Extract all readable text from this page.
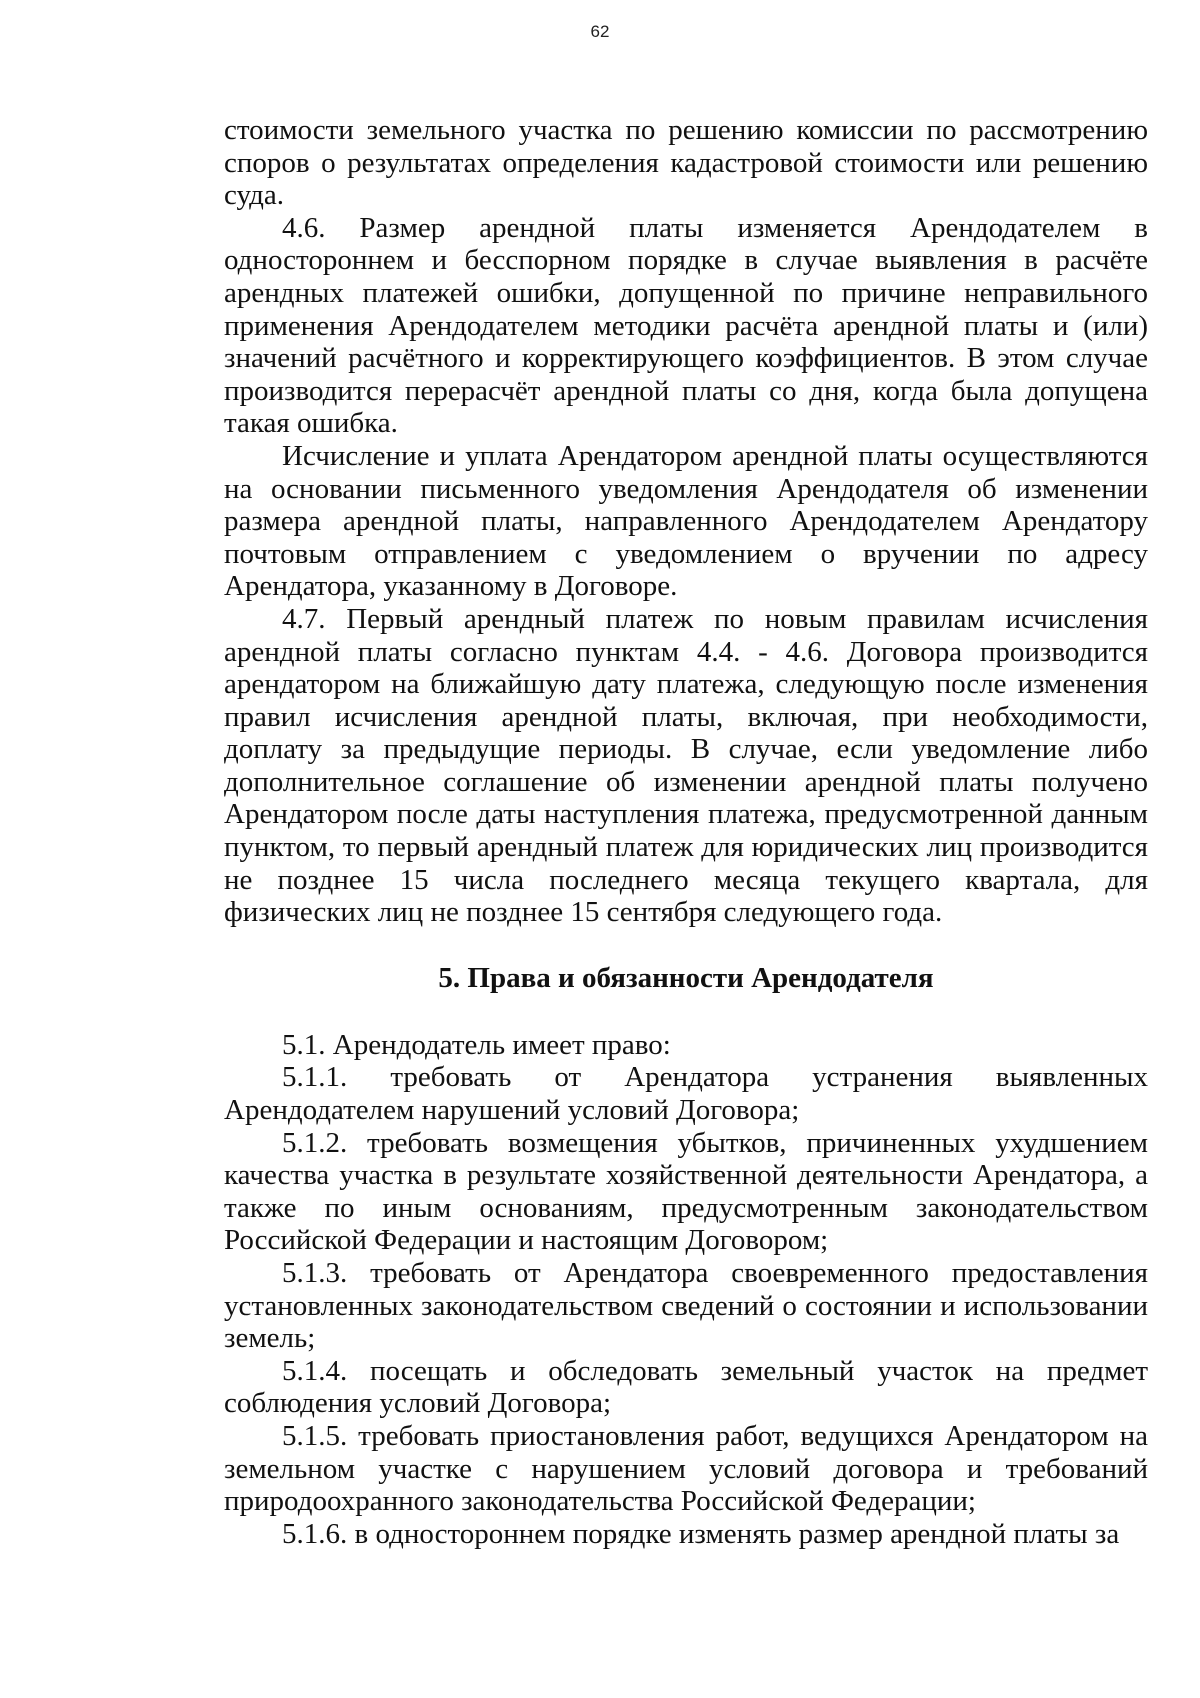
62

стоимости земельного участка по решению комиссии по рассмотрению споров о результатах определения кадастровой стоимости или решению суда.

4.6. Размер арендной платы изменяется Арендодателем в одностороннем и бесспорном порядке в случае выявления в расчёте арендных платежей ошибки, допущенной по причине неправильного применения Арендодателем методики расчёта арендной платы и (или) значений расчётного и корректирующего коэффициентов. В этом случае производится перерасчёт арендной платы со дня, когда была допущена такая ошибка.

Исчисление и уплата Арендатором арендной платы осуществляются на основании письменного уведомления Арендодателя об изменении размера арендной платы, направленного Арендодателем Арендатору почтовым отправлением с уведомлением о вручении по адресу Арендатора, указанному в Договоре.

4.7. Первый арендный платеж по новым правилам исчисления арендной платы согласно пунктам 4.4. - 4.6. Договора производится арендатором на ближайшую дату платежа, следующую после изменения правил исчисления арендной платы, включая, при необходимости, доплату за предыдущие периоды. В случае, если уведомление либо дополнительное соглашение об изменении арендной платы получено Арендатором после даты наступления платежа, предусмотренной данным пунктом, то первый арендный платеж для юридических лиц производится не позднее 15 числа последнего месяца текущего квартала, для физических лиц не позднее 15 сентября следующего года.

5. Права и обязанности Арендодателя

5.1. Арендодатель имеет право:

5.1.1. требовать от Арендатора устранения выявленных Арендодателем нарушений условий Договора;

5.1.2. требовать возмещения убытков, причиненных ухудшением качества участка в результате хозяйственной деятельности Арендатора, а также по иным основаниям, предусмотренным законодательством Российской Федерации и настоящим Договором;

5.1.3. требовать от Арендатора своевременного предоставления установленных законодательством сведений о состоянии и использовании земель;

5.1.4. посещать и обследовать земельный участок на предмет соблюдения условий Договора;

5.1.5. требовать приостановления работ, ведущихся Арендатором на земельном участке с нарушением условий договора и требований природоохранного законодательства Российской Федерации;

5.1.6. в одностороннем порядке изменять размер арендной платы за
